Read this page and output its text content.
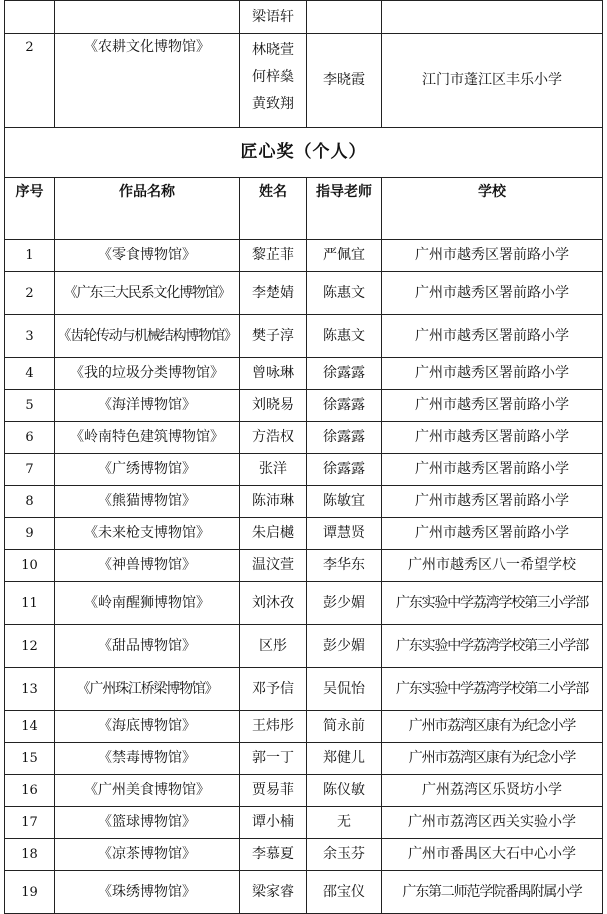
		梁语轩		

2	《农耕文化博物馆》	林晓萱
何梓燊
黄致翔	李晓霞	江门市蓬江区丰乐小学
匠心奖（个人）				
序号	作品名称	姓名	指导老师	学校
1	《零食博物馆》	黎芷菲	严佩宜	广州市越秀区署前路小学
2	《广东三大民系文化博物馆》	李楚婧	陈惠文	广州市越秀区署前路小学
3	《齿轮传动与机械结构博物馆》	樊子淳	陈惠文	广州市越秀区署前路小学
4	《我的垃圾分类博物馆》	曾咏琳	徐露露	广州市越秀区署前路小学
5	《海洋博物馆》	刘晓易	徐露露	广州市越秀区署前路小学
6	《岭南特色建筑博物馆》	方浩权	徐露露	广州市越秀区署前路小学
7	《广绣博物馆》	张洋	徐露露	广州市越秀区署前路小学
8	《熊猫博物馆》	陈沛琳	陈敏宜	广州市越秀区署前路小学
9	《未来枪支博物馆》	朱启樾	谭慧贤	广州市越秀区署前路小学
10	《神兽博物馆》	温汶萱	李华东	广州市越秀区八一希望学校
11	《岭南醒狮博物馆》	刘沐孜	彭少媚	广东实验中学荔湾学校第三小学部
12	《甜品博物馆》	区彤	彭少媚	广东实验中学荔湾学校第三小学部
13	《广州珠江桥梁博物馆》	邓予信	吴侃怡	广东实验中学荔湾学校第二小学部
14	《海底博物馆》	王炜彤	简永前	广州市荔湾区康有为纪念小学
15	《禁毒博物馆》	郭一丁	郑健儿	广州市荔湾区康有为纪念小学
16	《广州美食博物馆》	贾易菲	陈仪敏	广州荔湾区乐贤坊小学
17	《篮球博物馆》	谭小楠	无	广州市荔湾区西关实验小学
18	《凉茶博物馆》	李慕夏	余玉芬	广州市番禺区大石中心小学
19	《珠绣博物馆》	梁家睿	邵宝仪	广东第二师范学院番禺附属小学
